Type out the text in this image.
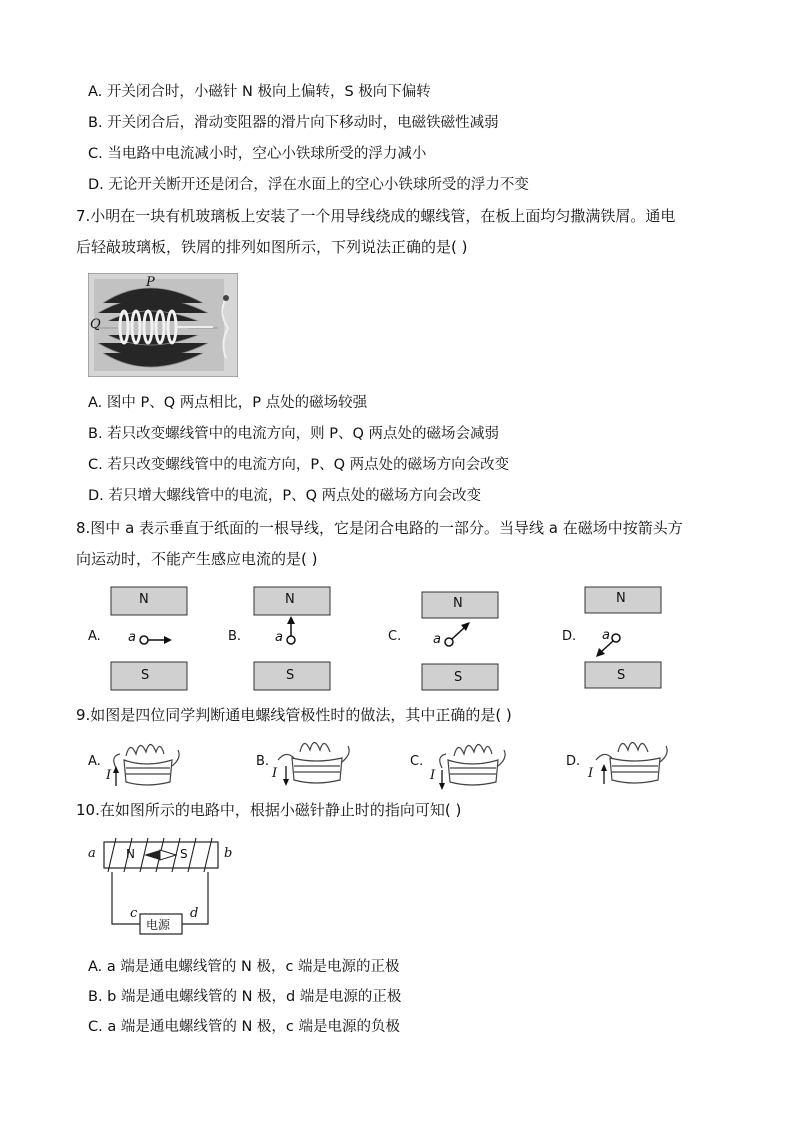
A. 开关闭合时，小磁针 N 极向上偏转，S 极向下偏转
B. 开关闭合后，滑动变阻器的滑片向下移动时，电磁铁磁性减弱
C. 当电路中电流减小时，空心小铁球所受的浮力减小
D. 无论开关断开还是闭合，浮在水面上的空心小铁球所受的浮力不变
7.小明在一块有机玻璃板上安装了一个用导线绕成的螺线管，在板上面均匀撒满铁屑。通电
后轻敲玻璃板，铁屑的排列如图所示，下列说法正确的是( )
P
Q
A. 图中 P、Q 两点相比，P 点处的磁场较强
B. 若只改变螺线管中的电流方向，则 P、Q 两点处的磁场会减弱
C. 若只改变螺线管中的电流方向，P、Q 两点处的磁场方向会改变
D. 若只增大螺线管中的电流，P、Q 两点处的磁场方向会改变
8.图中 a 表示垂直于纸面的一根导线，它是闭合电路的一部分。当导线 a 在磁场中按箭头方
向运动时，不能产生感应电流的是( )
A.
N
a
S
B.
N
a
S
C.
N
a
S
D.
N
a
S
9.如图是四位同学判断通电螺线管极性时的做法，其中正确的是( )
A.
I
B.
I
C.
I
D.
I
10.在如图所示的电路中，根据小磁针静止时的指向可知( )
a	b
c	d
N	S
电源
A. a 端是通电螺线管的 N 极，c 端是电源的正极
B. b 端是通电螺线管的 N 极，d 端是电源的正极
C. a 端是通电螺线管的 N 极，c 端是电源的负极
